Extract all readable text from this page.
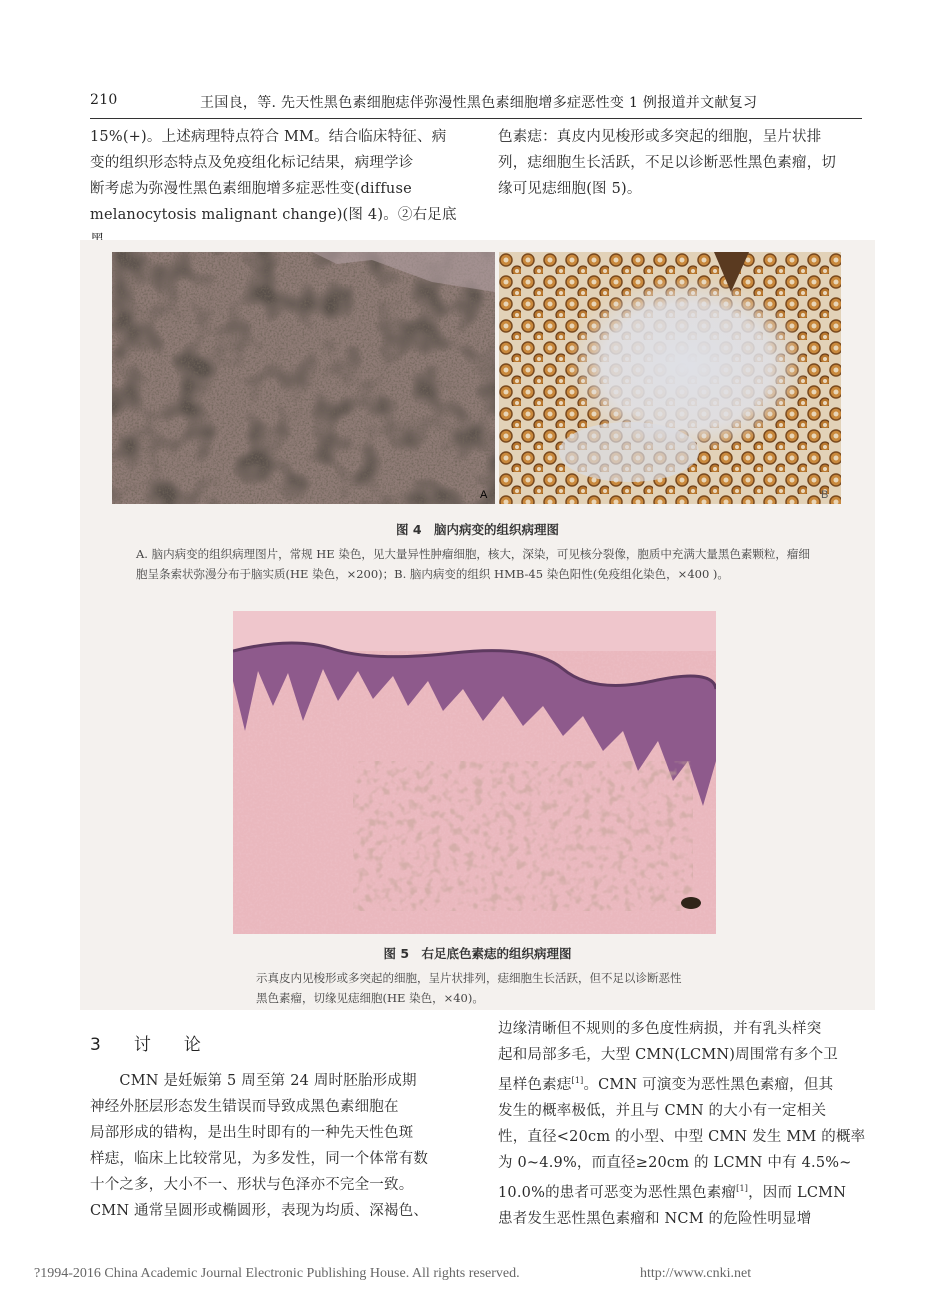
210	王国良，等. 先天性黑色素细胞痣伴弥漫性黑色素细胞增多症恶性变 1 例报道并文献复习

15%(+)。上述病理特点符合 MM。结合临床特征、病

变的组织形态特点及免疫组化标记结果，病理学诊

断考虑为弥漫性黑色素细胞增多症恶性变(diffuse

melanocytosis malignant change)(图 4)。②右足底

色素痣：真皮内见梭形或多突起的细胞，呈片状排

列，痣细胞生长活跃，不足以诊断恶性黑色素瘤，切

缘可见痣细胞(图 5)。

A	B
图 4　脑内病变的组织病理图
A. 脑内病变的组织病理图片，常规 HE 染色，见大量异性肿瘤细胞，核大，深染，可见核分裂像，胞质中充满大量黑色素颗粒，瘤细
胞呈条索状弥漫分布于脑实质(HE 染色，×200)；B. 脑内病变的组织 HMB-45 染色阳性(免疫组化染色，×400 )。
图 5　右足底色素痣的组织病理图
示真皮内见梭形或多突起的细胞，呈片状排列，痣细胞生长活跃，但不足以诊断恶性
黑色素瘤，切缘见痣细胞(HE 染色，×40)。
3　讨　论

　　CMN 是妊娠第 5 周至第 24 周时胚胎形成期

神经外胚层形态发生错误而导致成黑色素细胞在

局部形成的错构，是出生时即有的一种先天性色斑

样痣，临床上比较常见，为多发性，同一个体常有数

十个之多，大小不一、形状与色泽亦不完全一致。

CMN 通常呈圆形或椭圆形，表现为均质、深褐色、

边缘清晰但不规则的多色度性病损，并有乳头样突

起和局部多毛，大型 CMN(LCMN)周围常有多个卫

星样色素痣[1]。CMN 可演变为恶性黑色素瘤，但其

发生的概率极低，并且与 CMN 的大小有一定相关

性，直径<20cm 的小型、中型 CMN 发生 MM 的概率

为 0~4.9%，而直径≥20cm 的 LCMN 中有 4.5%~

10.0%的患者可恶变为恶性黑色素瘤[1]，因而 LCMN

患者发生恶性黑色素瘤和 NCM 的危险性明显增

?1994-2016 China Academic Journal Electronic Publishing House. All rights reserved.	http://www.cnki.net
